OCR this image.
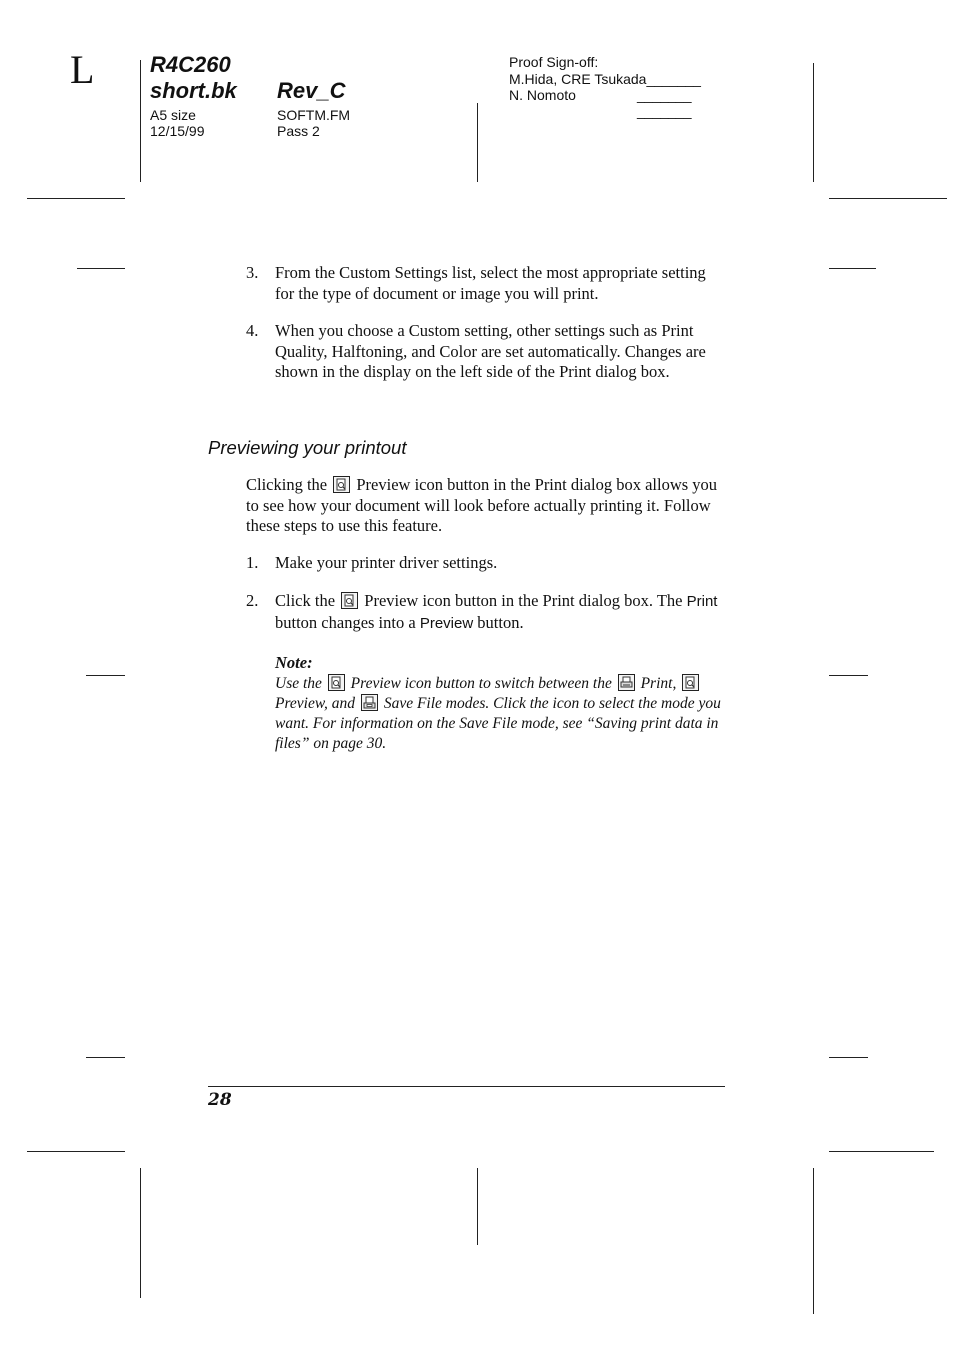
L	R4C260
short.bk Rev_C
A5 size
12/15/99
SOFTM.FM
Pass 2
Proof Sign-off:
M.Hida, CRE Tsukada_______
N. Nomoto	_______
_______
3.	From the Custom Settings list, select the most appropriate setting for the type of document or image you will print.
4.	When you choose a Custom setting, other settings such as Print Quality, Halftoning, and Color are set automatically. Changes are shown in the display on the left side of the Print dialog box.
Previewing your printout
Clicking the Preview icon button in the Print dialog box allows you to see how your document will look before actually printing it. Follow these steps to use this feature.
1.	Make your printer driver settings.
2.	Click the Preview icon button in the Print dialog box. The Print button changes into a Preview button.
Note:
Use the Preview icon button to switch between the Print,
Preview, and Save File modes. Click the icon to select the mode you want. For information on the Save File mode, see “Saving print data in files” on page 30.
28
